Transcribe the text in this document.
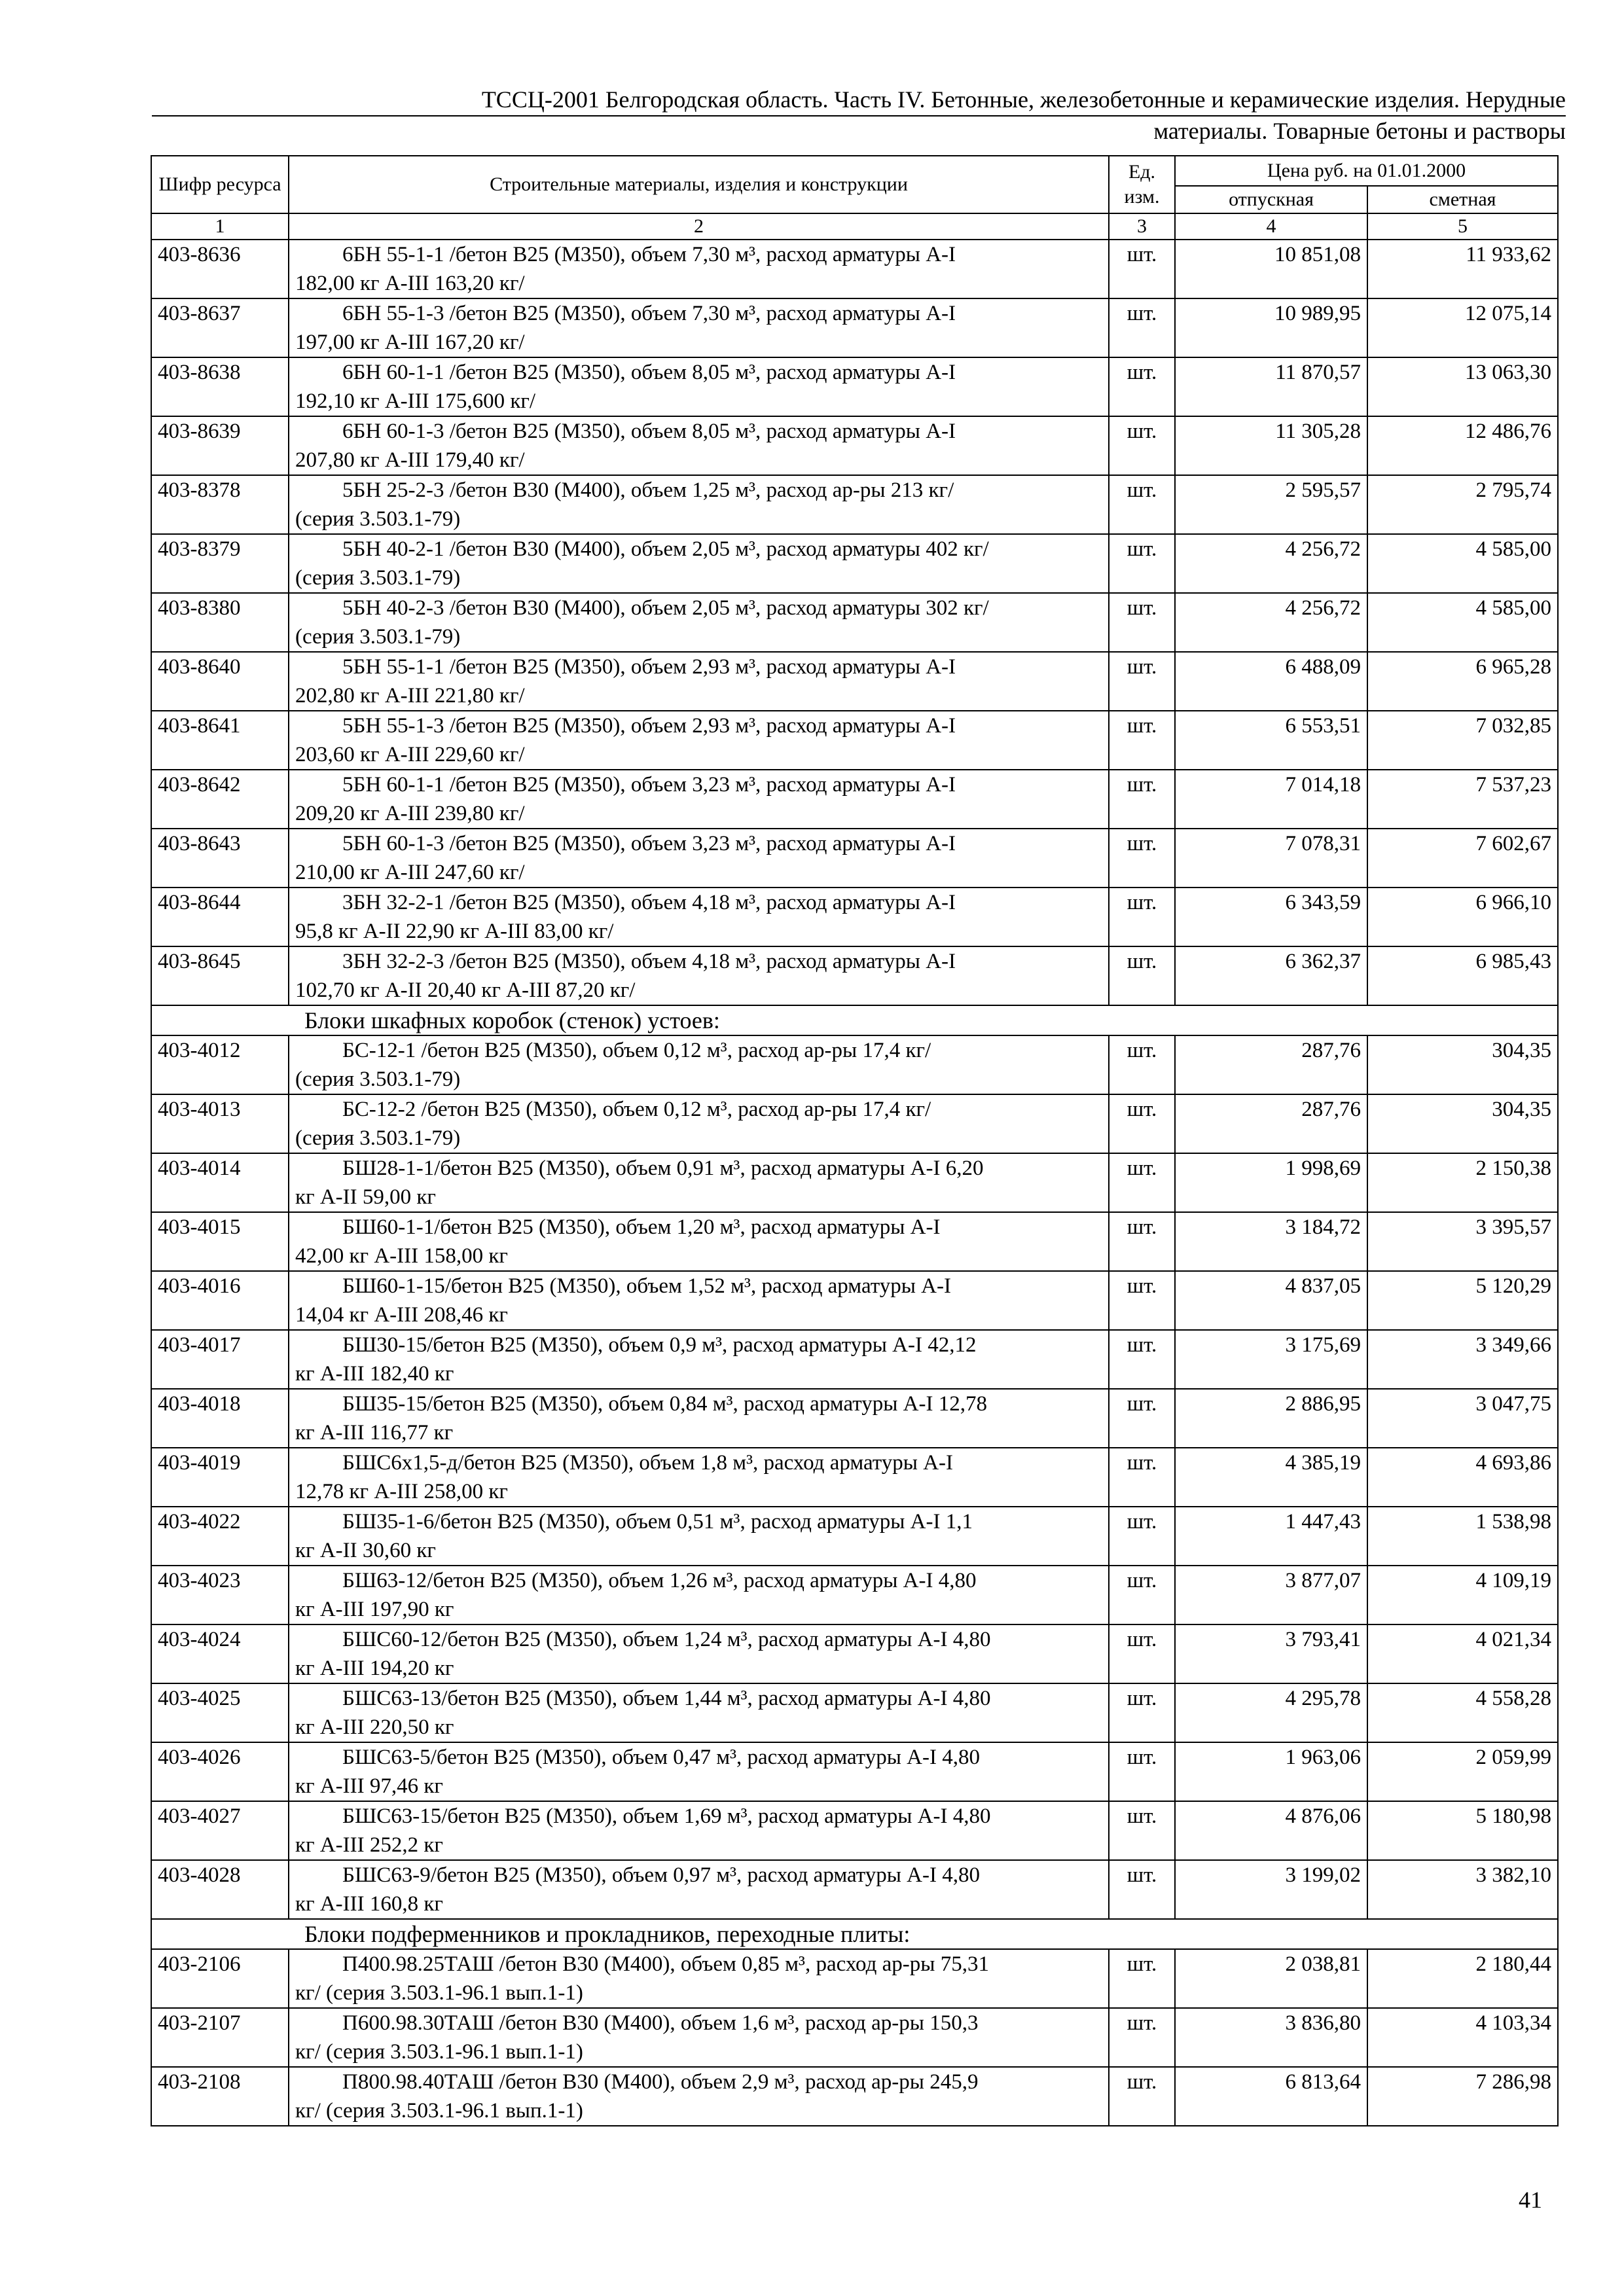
ТССЦ-2001 Белгородская область. Часть IV. Бетонные, железобетонные и керамические изделия. Нерудные
материалы. Товарные бетоны и растворы
Шифр ресурса	Строительные материалы, изделия и конструкции	Ед. изм.	Цена руб. на 01.01.2000	
			отпускная	сметная
1	2	3	4	5
403-8636	6БН 55-1-1 /бетон В25 (М350), объем 7,30 м³, расход арматуры А-I
182,00 кг А-III 163,20 кг/	шт.	10 851,08	11 933,62
403-8637	6БН 55-1-3 /бетон В25 (М350), объем 7,30 м³, расход арматуры А-I
197,00 кг А-III 167,20 кг/	шт.	10 989,95	12 075,14
403-8638	6БН 60-1-1 /бетон В25 (М350), объем 8,05 м³, расход арматуры А-I
192,10 кг А-III 175,600 кг/	шт.	11 870,57	13 063,30
403-8639	6БН 60-1-3 /бетон В25 (М350), объем 8,05 м³, расход арматуры А-I
207,80 кг А-III 179,40 кг/	шт.	11 305,28	12 486,76
403-8378	5БН 25-2-3 /бетон В30 (М400), объем 1,25 м³, расход ар-ры 213 кг/
(серия 3.503.1-79)	шт.	2 595,57	2 795,74
403-8379	5БН 40-2-1 /бетон В30 (М400), объем 2,05 м³, расход арматуры 402 кг/
(серия 3.503.1-79)	шт.	4 256,72	4 585,00
403-8380	5БН 40-2-3 /бетон В30 (М400), объем 2,05 м³, расход арматуры 302 кг/
(серия 3.503.1-79)	шт.	4 256,72	4 585,00
403-8640	5БН 55-1-1 /бетон В25 (М350), объем 2,93 м³, расход арматуры А-I
202,80 кг А-III 221,80 кг/	шт.	6 488,09	6 965,28
403-8641	5БН 55-1-3 /бетон В25 (М350), объем 2,93 м³, расход арматуры А-I
203,60 кг А-III 229,60 кг/	шт.	6 553,51	7 032,85
403-8642	5БН 60-1-1 /бетон В25 (М350), объем 3,23 м³, расход арматуры А-I
209,20 кг А-III 239,80 кг/	шт.	7 014,18	7 537,23
403-8643	5БН 60-1-3 /бетон В25 (М350), объем 3,23 м³, расход арматуры А-I
210,00 кг А-III 247,60 кг/	шт.	7 078,31	7 602,67
403-8644	3БН 32-2-1 /бетон В25 (М350), объем 4,18 м³, расход арматуры А-I
95,8 кг А-II 22,90 кг А-III 83,00 кг/	шт.	6 343,59	6 966,10
403-8645	3БН 32-2-3 /бетон В25 (М350), объем 4,18 м³, расход арматуры А-I
102,70 кг А-II 20,40 кг А-III 87,20 кг/	шт.	6 362,37	6 985,43
	Блоки шкафных коробок (стенок) устоев:			
403-4012	БС-12-1 /бетон В25 (М350), объем 0,12 м³, расход ар-ры 17,4 кг/
(серия 3.503.1-79)	шт.	287,76	304,35
403-4013	БС-12-2 /бетон В25 (М350), объем 0,12 м³, расход ар-ры 17,4 кг/
(серия 3.503.1-79)	шт.	287,76	304,35
403-4014	БШ28-1-1/бетон В25 (М350), объем 0,91 м³, расход арматуры А-I 6,20
кг А-II 59,00 кг	шт.	1 998,69	2 150,38
403-4015	БШ60-1-1/бетон В25 (М350), объем 1,20 м³, расход арматуры А-I
42,00 кг А-III 158,00 кг	шт.	3 184,72	3 395,57
403-4016	БШ60-1-15/бетон В25 (М350), объем 1,52 м³, расход арматуры А-I
14,04 кг А-III 208,46 кг	шт.	4 837,05	5 120,29
403-4017	БШ30-15/бетон В25 (М350), объем 0,9 м³, расход арматуры А-I 42,12
кг А-III 182,40 кг	шт.	3 175,69	3 349,66
403-4018	БШ35-15/бетон В25 (М350), объем 0,84 м³, расход арматуры А-I 12,78
кг А-III 116,77 кг	шт.	2 886,95	3 047,75
403-4019	БШС6х1,5-д/бетон В25 (М350), объем 1,8 м³, расход арматуры А-I
12,78 кг А-III 258,00 кг	шт.	4 385,19	4 693,86
403-4022	БШ35-1-6/бетон В25 (М350), объем 0,51 м³, расход арматуры А-I 1,1
кг А-II 30,60 кг	шт.	1 447,43	1 538,98
403-4023	БШ63-12/бетон В25 (М350), объем 1,26 м³, расход арматуры А-I 4,80
кг А-III 197,90 кг	шт.	3 877,07	4 109,19
403-4024	БШС60-12/бетон В25 (М350), объем 1,24 м³, расход арматуры А-I 4,80
кг А-III 194,20 кг	шт.	3 793,41	4 021,34
403-4025	БШС63-13/бетон В25 (М350), объем 1,44 м³, расход арматуры А-I 4,80
кг А-III 220,50 кг	шт.	4 295,78	4 558,28
403-4026	БШС63-5/бетон В25 (М350), объем 0,47 м³, расход арматуры А-I 4,80
кг А-III 97,46 кг	шт.	1 963,06	2 059,99
403-4027	БШС63-15/бетон В25 (М350), объем 1,69 м³, расход арматуры А-I 4,80
кг А-III 252,2 кг	шт.	4 876,06	5 180,98
403-4028	БШС63-9/бетон В25 (М350), объем 0,97 м³, расход арматуры А-I 4,80
кг А-III 160,8 кг	шт.	3 199,02	3 382,10
	Блоки подферменников и прокладников, переходные плиты:			
403-2106	П400.98.25ТАШ /бетон В30 (М400), объем 0,85 м³, расход ар-ры 75,31
кг/ (серия 3.503.1-96.1 вып.1-1)	шт.	2 038,81	2 180,44
403-2107	П600.98.30ТАШ /бетон В30 (М400), объем 1,6 м³, расход ар-ры 150,3
кг/ (серия 3.503.1-96.1 вып.1-1)	шт.	3 836,80	4 103,34
403-2108	П800.98.40ТАШ /бетон В30 (М400), объем 2,9 м³, расход ар-ры 245,9
кг/ (серия 3.503.1-96.1 вып.1-1)	шт.	6 813,64	7 286,98
41
